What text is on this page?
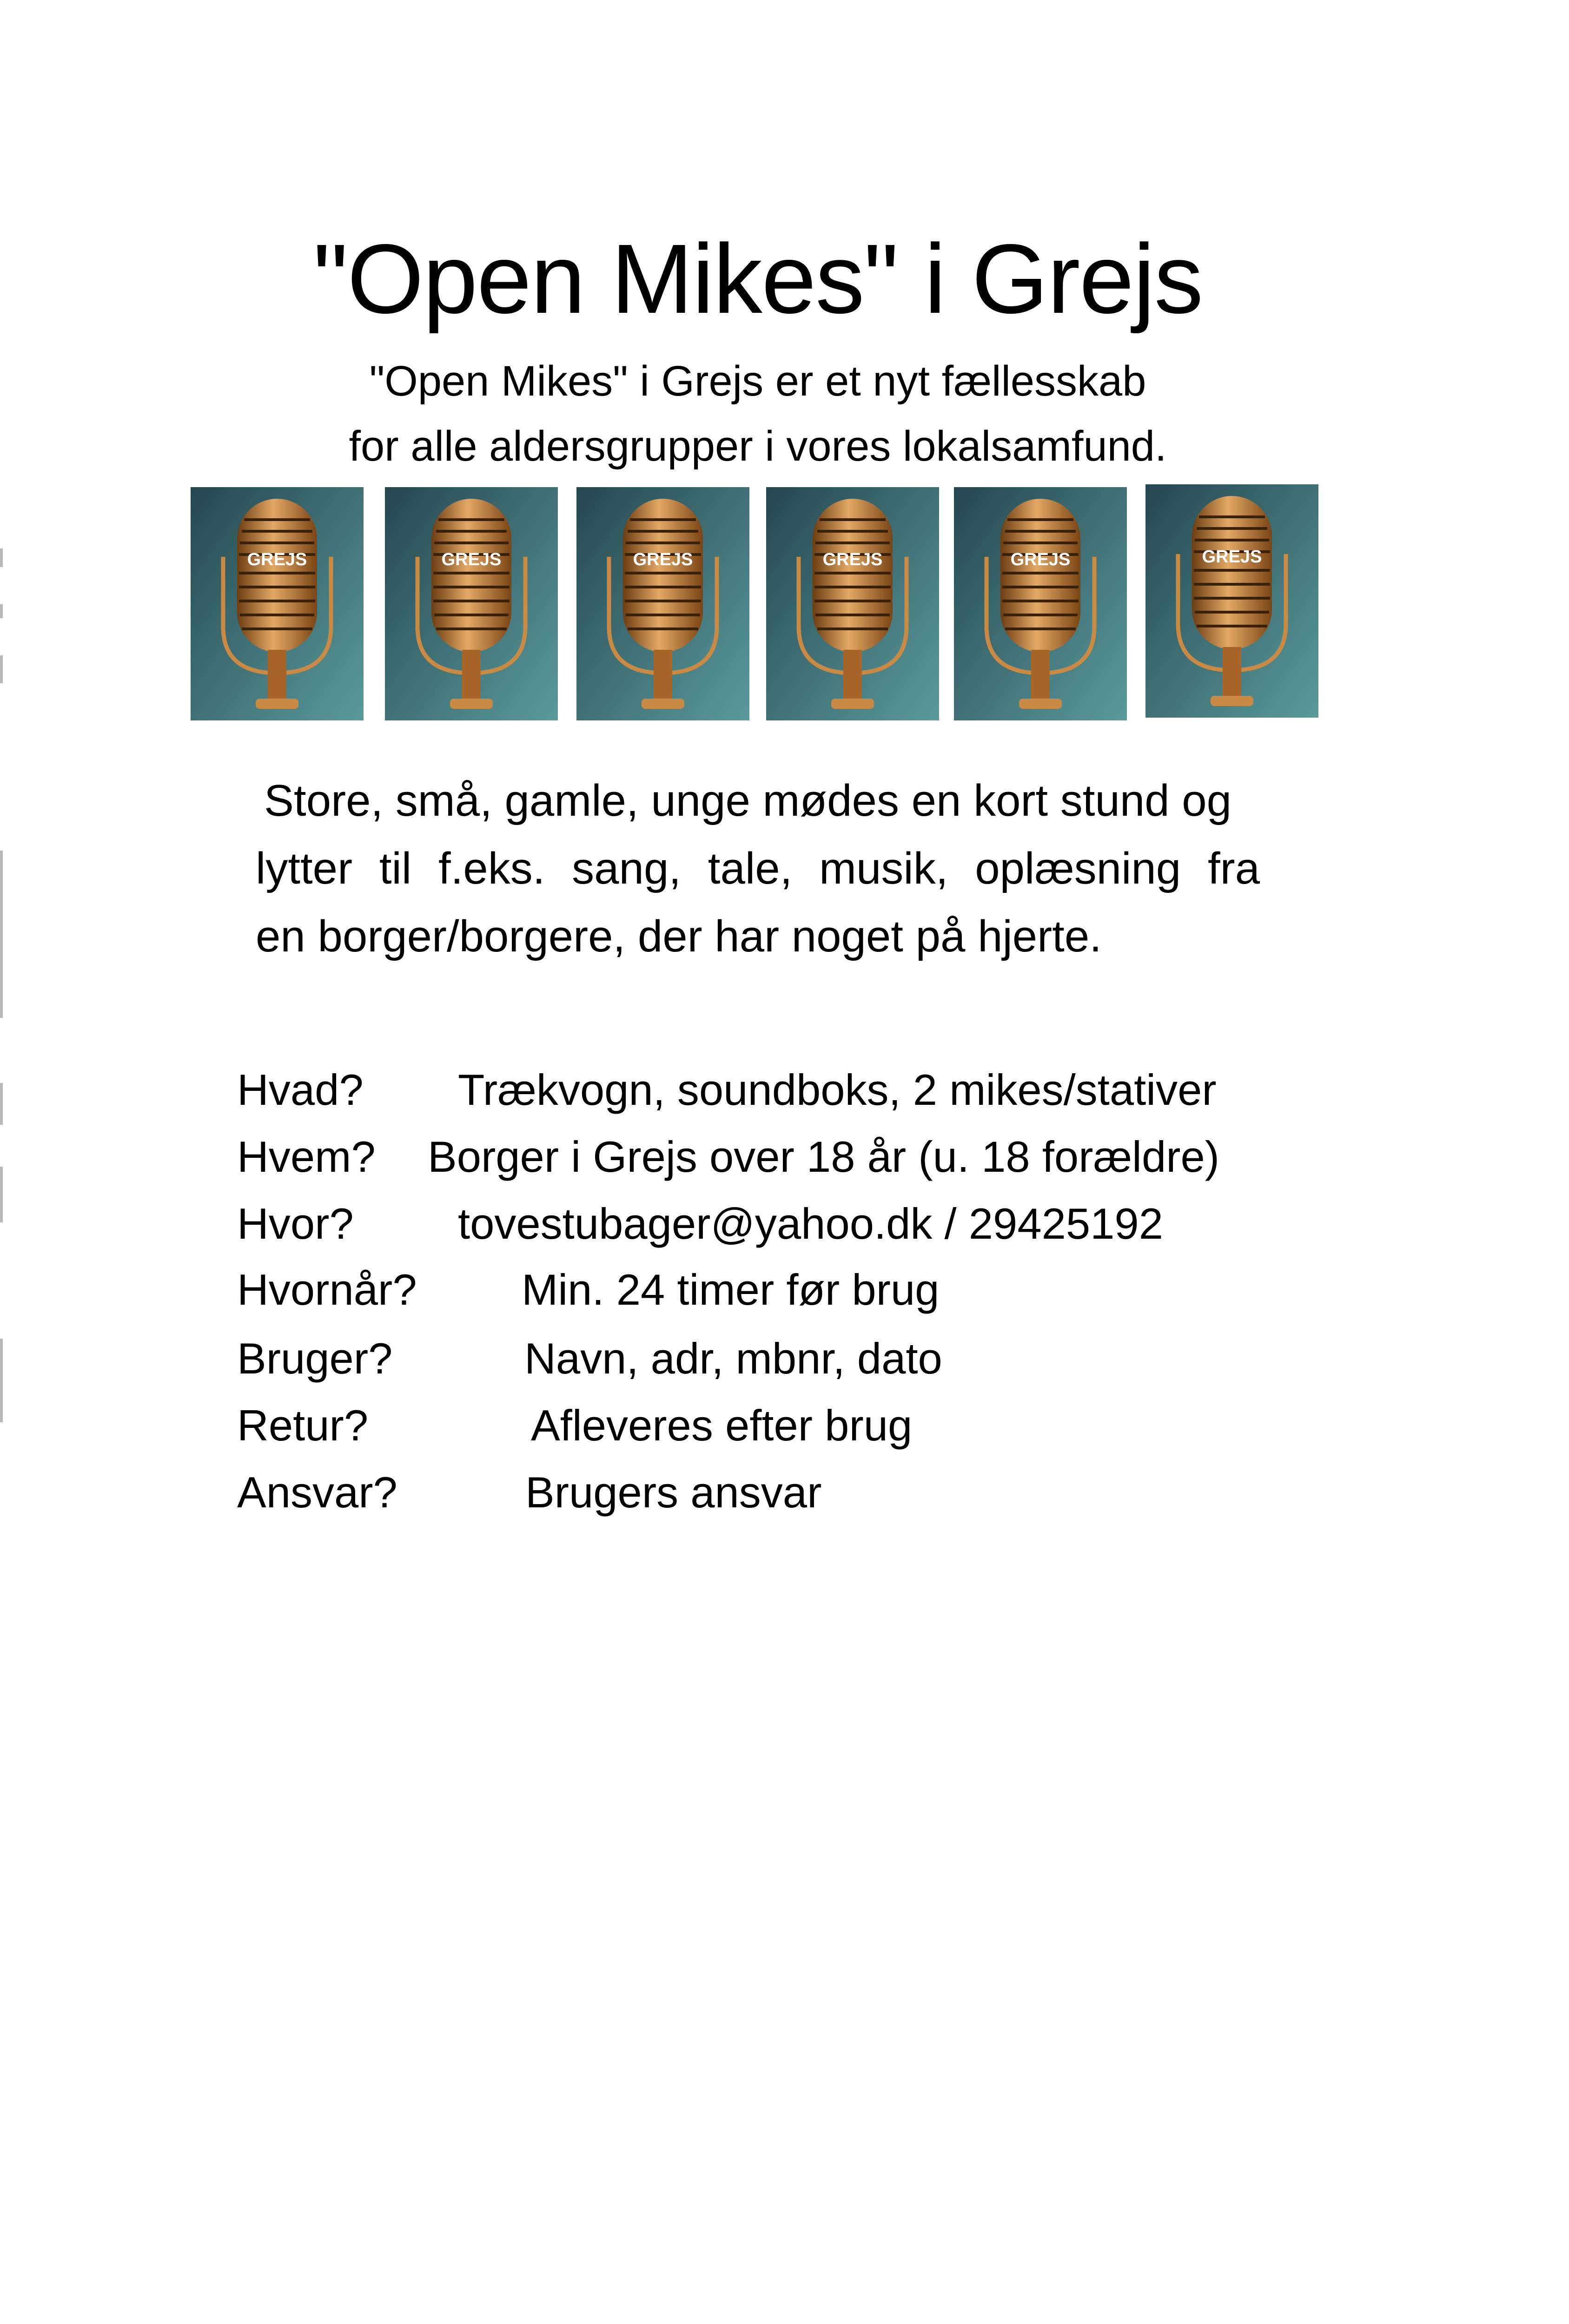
"Open Mikes" i Grejs
"Open Mikes" i Grejs er et nyt fællesskab
for alle aldersgrupper i vores lokalsamfund.
GREJS	GREJS	GREJS	GREJS	GREJS	GREJS
Store, små, gamle, unge mødes en kort stund og
lytter til f.eks. sang, tale, musik, oplæsning fra
en borger/borgere, der har noget på hjerte.
Hvad? Trækvogn, soundboks, 2 mikes/stativer
Hvem? Borger i Grejs over 18 år (u. 18 forældre)
Hvor? tovestubager@yahoo.dk / 29425192
Hvornår? Min. 24 timer før brug
Bruger?	Navn, adr, mbnr, dato
Retur?	Afleveres efter brug
Ansvar?	Brugers ansvar
